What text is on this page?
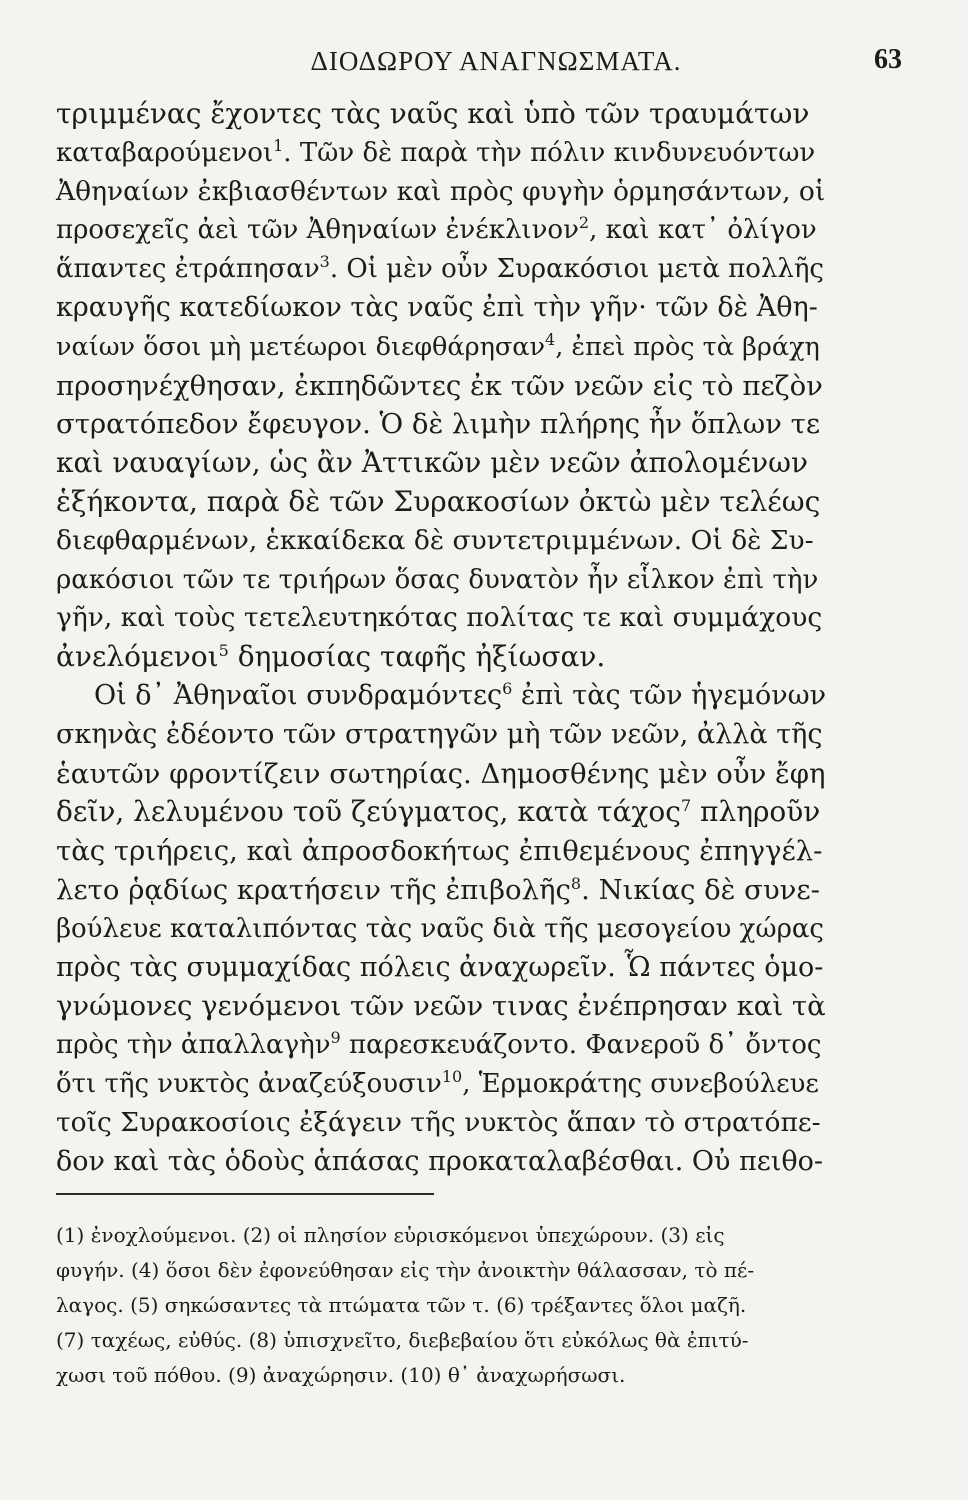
ΔΙΟΔΩΡΟΥ ΑΝΑΓΝΩΣΜΑΤΑ.	63
τριμμένας ἔχοντες τὰς ναῦς καὶ ὑπὸ τῶν τραυμάτων
καταβαρούμενοι$^1$. Τῶν δὲ παρὰ τὴν πόλιν κινδυνευόντων
Ἀθηναίων ἐκβιασθέντων καὶ πρὸς φυγὴν ὁρμησάντων, οἱ
προσεχεῖς ἀεὶ τῶν Ἀθηναίων ἐνέκλινον$^2$, καὶ κατ᾽ ὀλίγον
ἅπαντες ἐτράπησαν$^3$. Οἱ μὲν οὖν Συρακόσιοι μετὰ πολλῆς
κραυγῆς κατεδίωκον τὰς ναῦς ἐπὶ τὴν γῆν· τῶν δὲ Ἀθη-
ναίων ὅσοι μὴ μετέωροι διεφθάρησαν$^4$, ἐπεὶ πρὸς τὰ βράχη
προσηνέχθησαν, ἐκπηδῶντες ἐκ τῶν νεῶν εἰς τὸ πεζὸν
στρατόπεδον ἔφευγον. Ὁ δὲ λιμὴν πλήρης ἦν ὅπλων τε
καὶ ναυαγίων, ὡς ἂν Ἀττικῶν μὲν νεῶν ἀπολομένων
ἑξήκοντα, παρὰ δὲ τῶν Συρακοσίων ὀκτὼ μὲν τελέως
διεφθαρμένων, ἑκκαίδεκα δὲ συντετριμμένων. Οἱ δὲ Συ-
ρακόσιοι τῶν τε τριήρων ὅσας δυνατὸν ἦν εἷλκον ἐπὶ τὴν
γῆν, καὶ τοὺς τετελευτηκότας πολίτας τε καὶ συμμάχους
ἀνελόμενοι$^5$ δημοσίας ταφῆς ἠξίωσαν.
Οἱ δ᾽ Ἀθηναῖοι συνδραμόντες$^6$ ἐπὶ τὰς τῶν ἡγεμόνων
σκηνὰς ἐδέοντο τῶν στρατηγῶν μὴ τῶν νεῶν, ἀλλὰ τῆς
ἑαυτῶν φροντίζειν σωτηρίας. Δημοσθένης μὲν οὖν ἔφη
δεῖν, λελυμένου τοῦ ζεύγματος, κατὰ τάχος$^7$ πληροῦν
τὰς τριήρεις, καὶ ἀπροσδοκήτως ἐπιθεμένους ἐπηγγέλ-
λετο ῥᾳδίως κρατήσειν τῆς ἐπιβολῆς$^8$. Νικίας δὲ συνε-
βούλευε καταλιπόντας τὰς ναῦς διὰ τῆς μεσογείου χώρας
πρὸς τὰς συμμαχίδας πόλεις ἀναχωρεῖν. Ὧ πάντες ὁμο-
γνώμονες γενόμενοι τῶν νεῶν τινας ἐνέπρησαν καὶ τὰ
πρὸς τὴν ἀπαλλαγὴν$^9$ παρεσκευάζοντο. Φανεροῦ δ᾽ ὄντος
ὅτι τῆς νυκτὸς ἀναζεύξουσιν$^{10}$, Ἑρμοκράτης συνεβούλευε
τοῖς Συρακοσίοις ἐξάγειν τῆς νυκτὸς ἅπαν τὸ στρατόπε-
δον καὶ τὰς ὁδοὺς ἁπάσας προκαταλαβέσθαι. Οὐ πειθο-
(1) ἐνοχλούμενοι. (2) οἱ πλησίον εὑρισκόμενοι ὑπεχώρουν. (3) εἰς
φυγήν. (4) ὅσοι δὲν ἐφονεύθησαν εἰς τὴν ἀνοικτὴν θάλασσαν, τὸ πέ-
λαγος. (5) σηκώσαντες τὰ πτώματα τῶν τ. (6) τρέξαντες ὅλοι μαζῆ.
(7) ταχέως, εὐθύς. (8) ὑπισχνεῖτο, διεβεβαίου ὅτι εὐκόλως θὰ ἐπιτύ-
χωσι τοῦ πόθου. (9) ἀναχώρησιν. (10) θ᾽ ἀναχωρήσωσι.
